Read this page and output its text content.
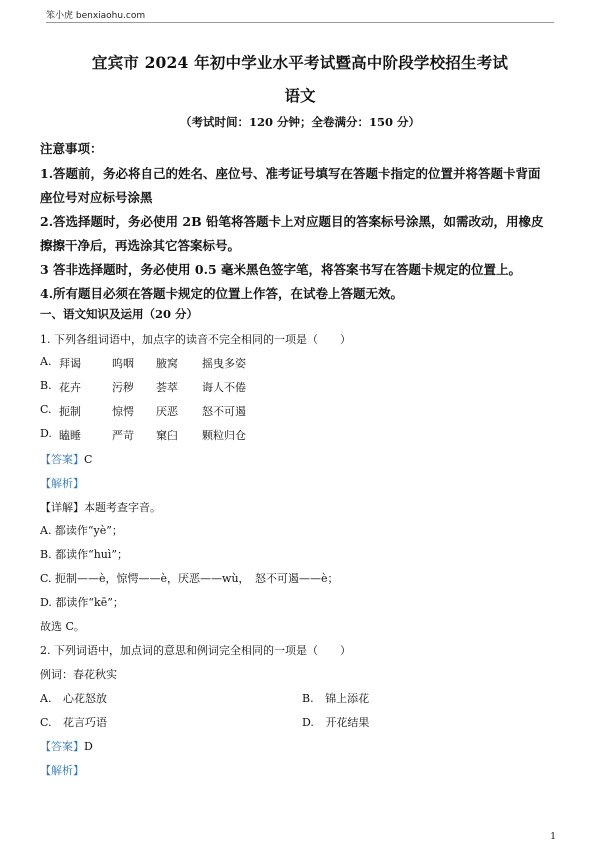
笨小虎 benxiaohu.com
宜宾市 2024 年初中学业水平考试暨高中阶段学校招生考试
语文
（考试时间：120 分钟；全卷满分：150 分）
注意事项：
1.答题前，务必将自己的姓名、座位号、准考证号填写在答题卡指定的位置并将答题卡背面
座位号对应标号涂黑
2.答选择题时，务必使用 2B 铅笔将答题卡上对应题目的答案标号涂黑，如需改动，用橡皮
擦擦干净后，再选涂其它答案标号。
3 答非选择题时，务必使用 0.5 毫米黑色签字笔，将答案书写在答题卡规定的位置上。
4.所有题目必须在答题卡规定的位置上作答，在试卷上答题无效。
一、语文知识及运用（20 分）
1. 下列各组词语中，加点字的读音不完全相同的一项是（　　）
A. 拜谒	呜咽 腋窝 摇曳多姿
B. 花卉	污秽 荟萃 诲人不倦
C. 扼制	惊愕 厌恶 怒不可遏
D. 瞌睡	严苛 窠臼 颗粒归仓
【答案】C
【解析】
【详解】本题考查字音。
A. 都读作“yè”；
B. 都读作“huì”；
C. 扼制——è，惊愕——è，厌恶——wù，　怒不可遏——è；
D. 都读作“kē”；
故选 C。
2. 下列词语中，加点词的意思和例词完全相同的一项是（　　）
例词：春花秋实
A. 心花怒放	B. 锦上添花
C. 花言巧语	D. 开花结果
【答案】D
【解析】
1
